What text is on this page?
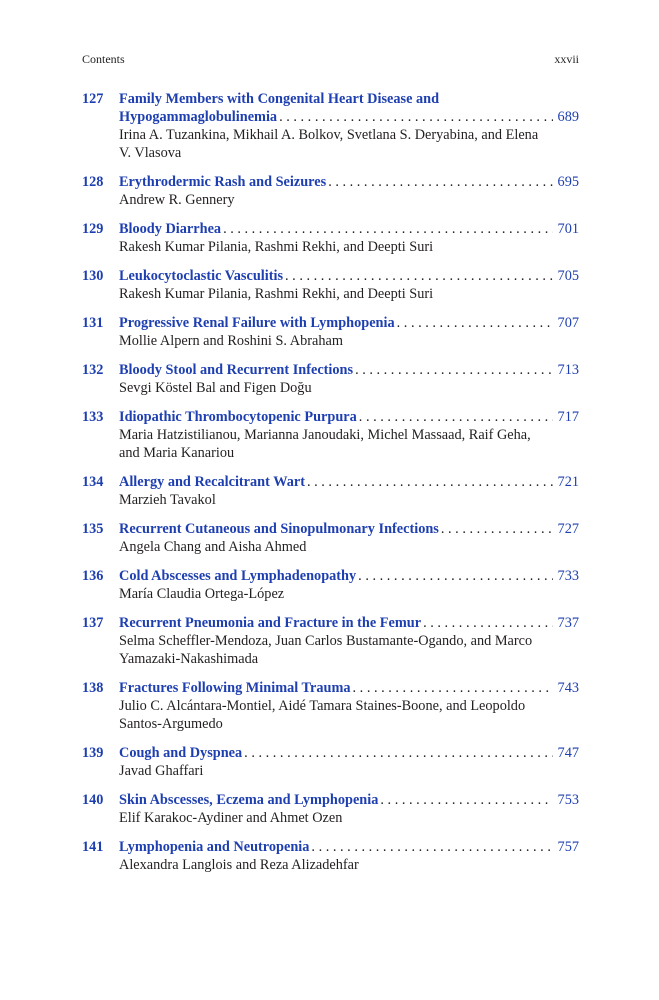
Contents	xxvii
127	Family Members with Congenital Heart Disease and
Hypogammaglobulinemia . . .	689
Irina A. Tuzankina, Mikhail A. Bolkov, Svetlana S. Deryabina, and Elena V. Vlasova
128	Erythrodermic Rash and Seizures . . .	695
Andrew R. Gennery
129	Bloody Diarrhea . . .	701
Rakesh Kumar Pilania, Rashmi Rekhi, and Deepti Suri
130	Leukocytoclastic Vasculitis . . .	705
Rakesh Kumar Pilania, Rashmi Rekhi, and Deepti Suri
131	Progressive Renal Failure with Lymphopenia . . .	707
Mollie Alpern and Roshini S. Abraham
132	Bloody Stool and Recurrent Infections . . .	713
Sevgi Köstel Bal and Figen Doğu
133	Idiopathic Thrombocytopenic Purpura . . .	717
Maria Hatzistilianou, Marianna Janoudaki, Michel Massaad, Raif Geha, and Maria Kanariou
134	Allergy and Recalcitrant Wart . . .	721
Marzieh Tavakol
135	Recurrent Cutaneous and Sinopulmonary Infections . . .	727
Angela Chang and Aisha Ahmed
136	Cold Abscesses and Lymphadenopathy . . .	733
María Claudia Ortega-López
137	Recurrent Pneumonia and Fracture in the Femur . . .	737
Selma Scheffler-Mendoza, Juan Carlos Bustamante-Ogando, and Marco Yamazaki-Nakashimada
138	Fractures Following Minimal Trauma . . .	743
Julio C. Alcántara-Montiel, Aidé Tamara Staines-Boone, and Leopoldo Santos-Argumedo
139	Cough and Dyspnea . . .	747
Javad Ghaffari
140	Skin Abscesses, Eczema and Lymphopenia . . .	753
Elif Karakoc-Aydiner and Ahmet Ozen
141	Lymphopenia and Neutropenia . . .	757
Alexandra Langlois and Reza Alizadehfar
